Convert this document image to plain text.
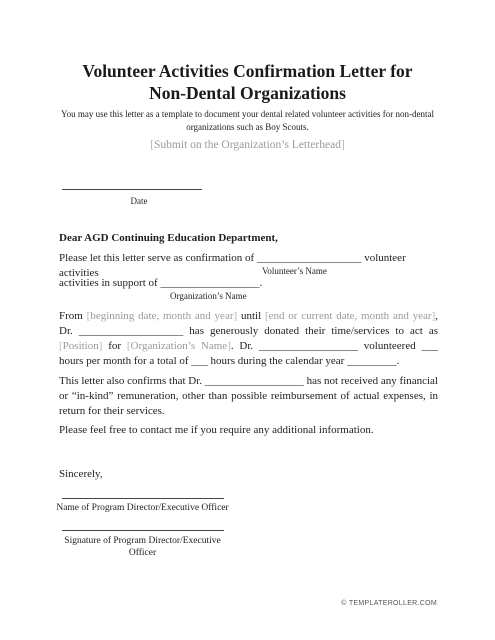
Volunteer Activities Confirmation Letter for
Non-Dental Organizations
You may use this letter as a template to document your dental related volunteer activities for non-dental
organizations such as Boy Scouts.
[Submit on the Organization’s Letterhead]
Date
Dear AGD Continuing Education Department,
Please let this letter serve as confirmation of ___________________ volunteer activities	Volunteer’s Name
activities in support of __________________.
Organization’s Name
From [beginning date, month and year] until [end or current date, month and year], Dr. ___________________ has generously donated their time/services to act as [Position] for [Organization’s Name]. Dr. __________________ volunteered ___ hours per month for a total of ___ hours during the calendar year _________.
This letter also confirms that Dr. __________________ has not received any financial or “in-kind” remuneration, other than possible reimbursement of actual expenses, in return for their services.
Please feel free to contact me if you require any additional information.
Sincerely,
Name of Program Director/Executive Officer
Signature of Program Director/Executive
Officer
© TEMPLATEROLLER.COM
